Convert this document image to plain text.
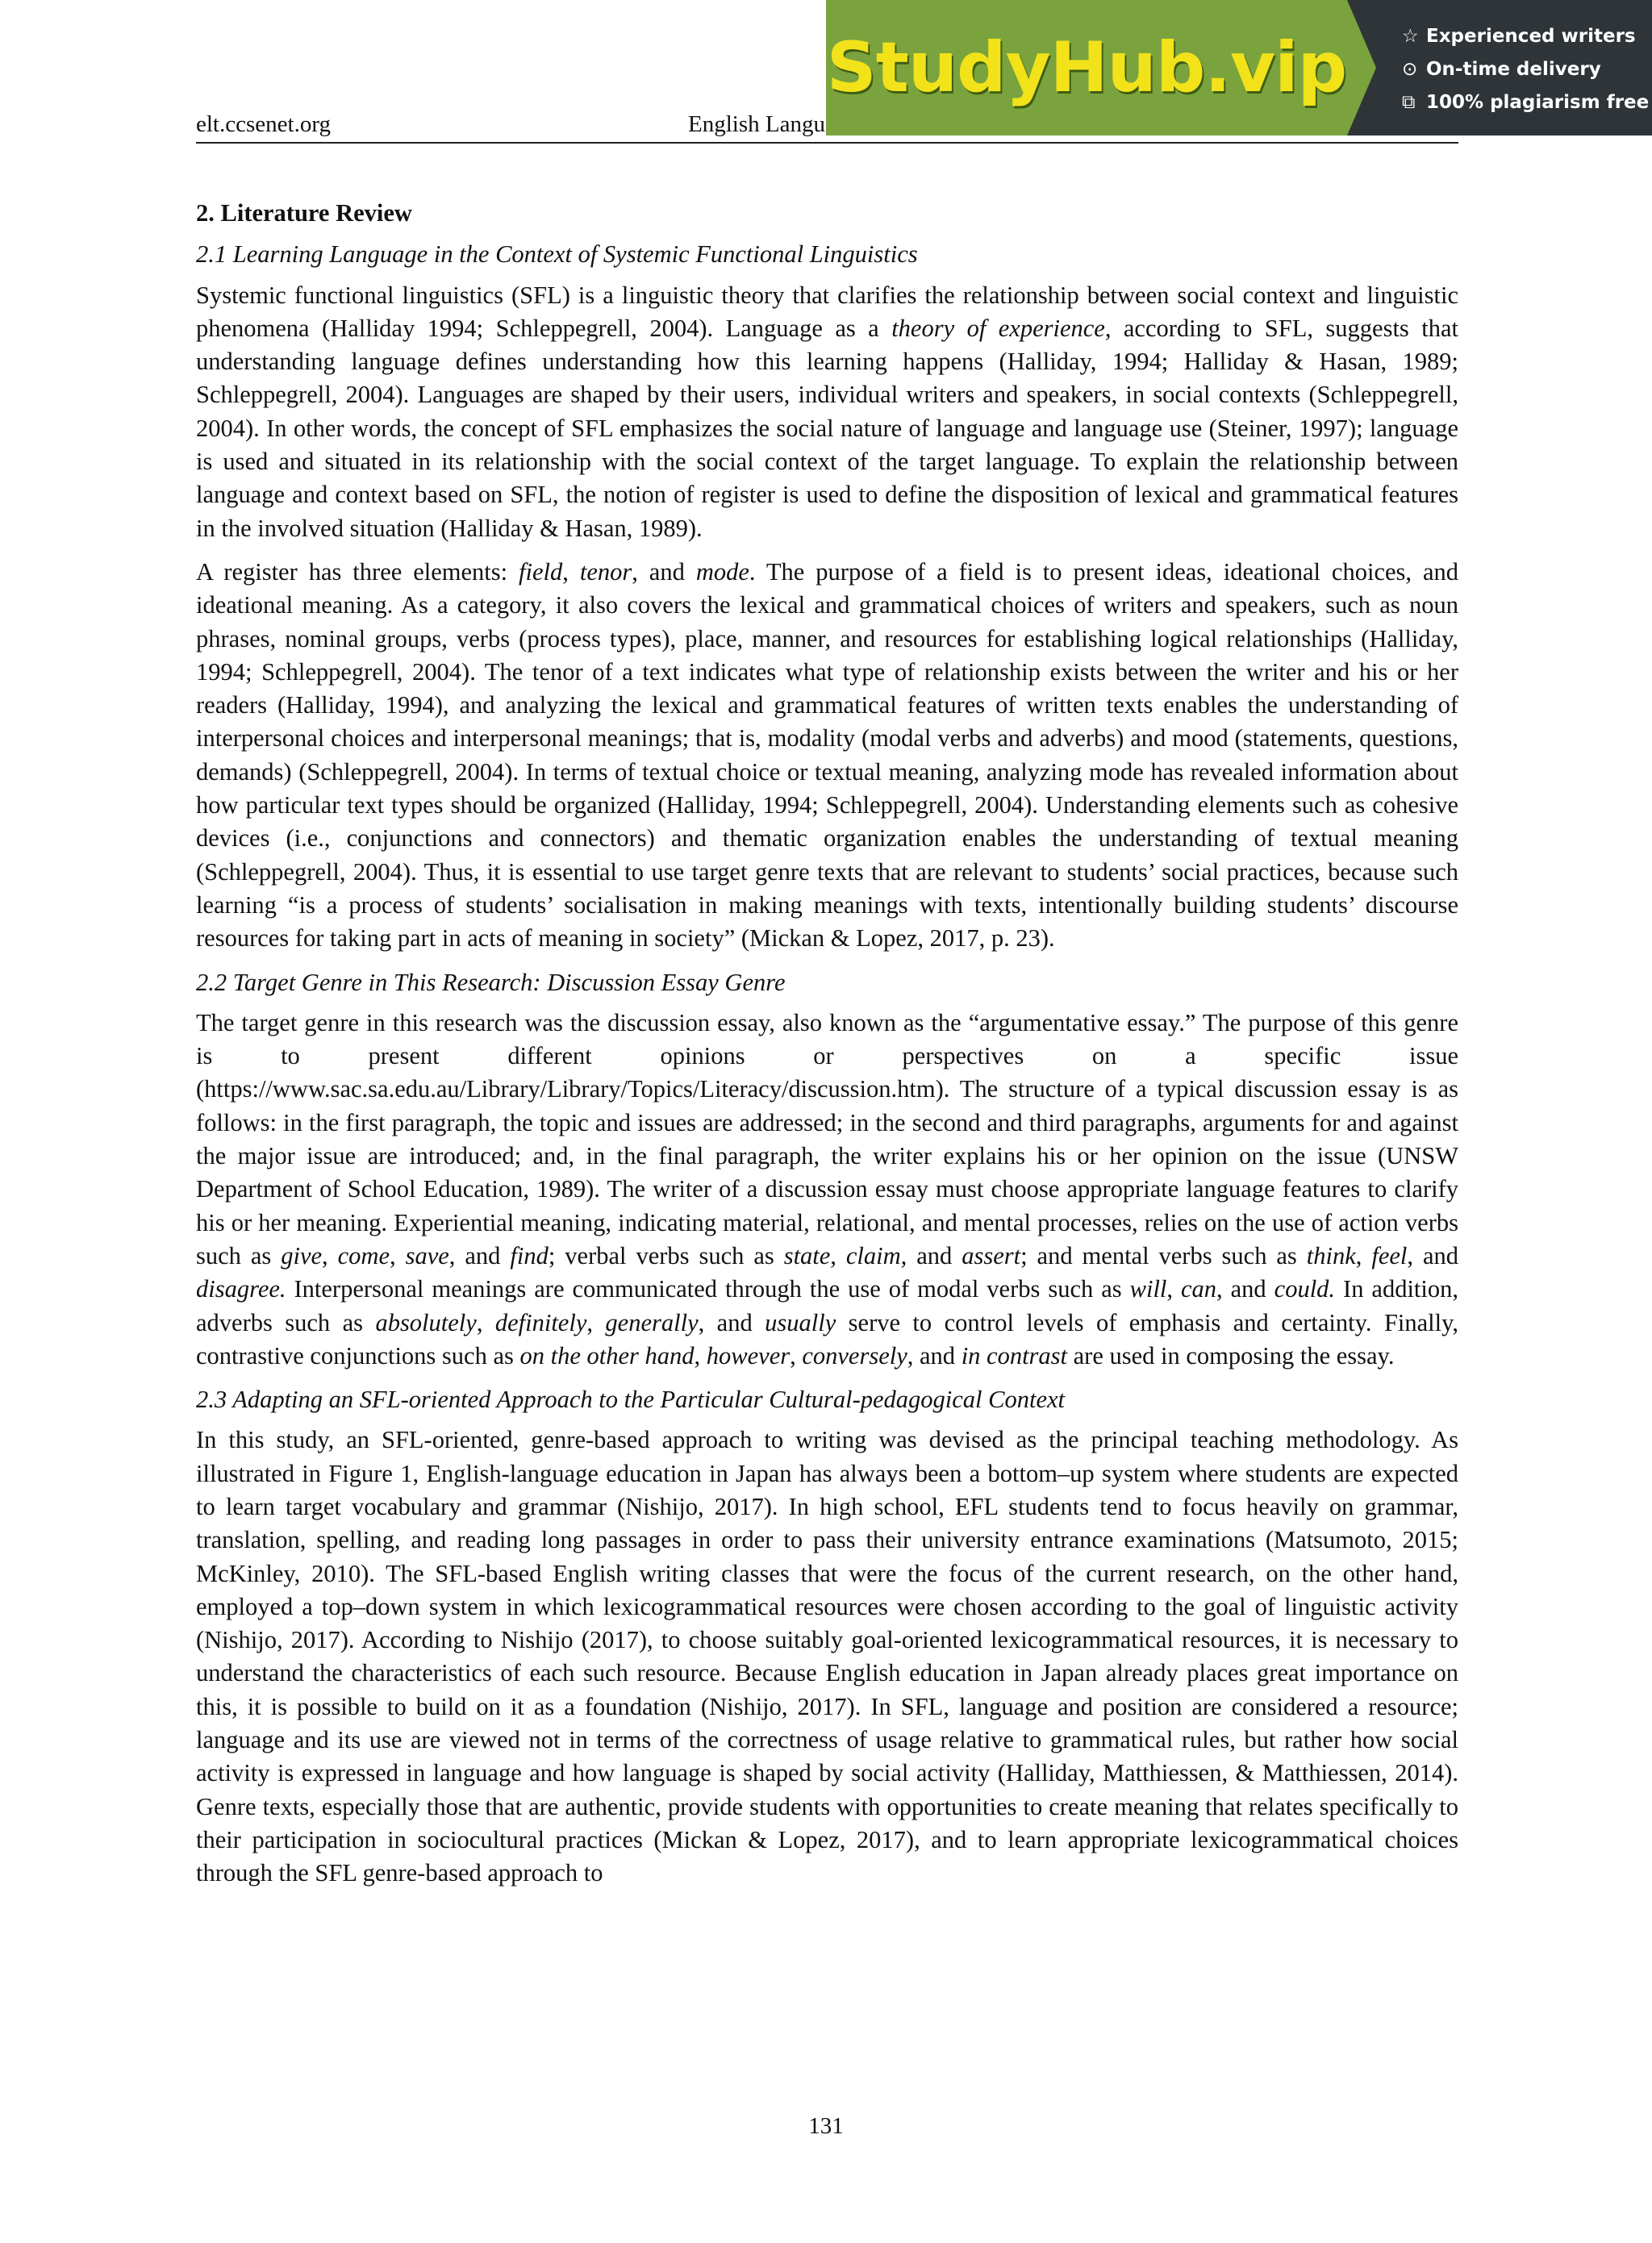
elt.ccsenet.org	English Langu
StudyHub.vip	☆ Experienced writers
⊙ On-time delivery
⧉ 100% plagiarism free
2. Literature Review
2.1 Learning Language in the Context of Systemic Functional Linguistics
Systemic functional linguistics (SFL) is a linguistic theory that clarifies the relationship between social context and linguistic phenomena (Halliday 1994; Schleppegrell, 2004). Language as a theory of experience, according to SFL, suggests that understanding language defines understanding how this learning happens (Halliday, 1994; Halliday & Hasan, 1989; Schleppegrell, 2004). Languages are shaped by their users, individual writers and speakers, in social contexts (Schleppegrell, 2004). In other words, the concept of SFL emphasizes the social nature of language and language use (Steiner, 1997); language is used and situated in its relationship with the social context of the target language. To explain the relationship between language and context based on SFL, the notion of register is used to define the disposition of lexical and grammatical features in the involved situation (Halliday & Hasan, 1989).
A register has three elements: field, tenor, and mode. The purpose of a field is to present ideas, ideational choices, and ideational meaning. As a category, it also covers the lexical and grammatical choices of writers and speakers, such as noun phrases, nominal groups, verbs (process types), place, manner, and resources for establishing logical relationships (Halliday, 1994; Schleppegrell, 2004). The tenor of a text indicates what type of relationship exists between the writer and his or her readers (Halliday, 1994), and analyzing the lexical and grammatical features of written texts enables the understanding of interpersonal choices and interpersonal meanings; that is, modality (modal verbs and adverbs) and mood (statements, questions, demands) (Schleppegrell, 2004). In terms of textual choice or textual meaning, analyzing mode has revealed information about how particular text types should be organized (Halliday, 1994; Schleppegrell, 2004). Understanding elements such as cohesive devices (i.e., conjunctions and connectors) and thematic organization enables the understanding of textual meaning (Schleppegrell, 2004). Thus, it is essential to use target genre texts that are relevant to students’ social practices, because such learning “is a process of students’ socialisation in making meanings with texts, intentionally building students’ discourse resources for taking part in acts of meaning in society” (Mickan & Lopez, 2017, p. 23).
2.2 Target Genre in This Research: Discussion Essay Genre
The target genre in this research was the discussion essay, also known as the “argumentative essay.” The purpose of this genre is to present different opinions or perspectives on a specific issue (https://www.sac.sa.edu.au/Library/Library/Topics/Literacy/discussion.htm). The structure of a typical discussion essay is as follows: in the first paragraph, the topic and issues are addressed; in the second and third paragraphs, arguments for and against the major issue are introduced; and, in the final paragraph, the writer explains his or her opinion on the issue (UNSW Department of School Education, 1989). The writer of a discussion essay must choose appropriate language features to clarify his or her meaning. Experiential meaning, indicating material, relational, and mental processes, relies on the use of action verbs such as give, come, save, and find; verbal verbs such as state, claim, and assert; and mental verbs such as think, feel, and disagree. Interpersonal meanings are communicated through the use of modal verbs such as will, can, and could. In addition, adverbs such as absolutely, definitely, generally, and usually serve to control levels of emphasis and certainty. Finally, contrastive conjunctions such as on the other hand, however, conversely, and in contrast are used in composing the essay.
2.3 Adapting an SFL-oriented Approach to the Particular Cultural-pedagogical Context
In this study, an SFL-oriented, genre-based approach to writing was devised as the principal teaching methodology. As illustrated in Figure 1, English-language education in Japan has always been a bottom–up system where students are expected to learn target vocabulary and grammar (Nishijo, 2017). In high school, EFL students tend to focus heavily on grammar, translation, spelling, and reading long passages in order to pass their university entrance examinations (Matsumoto, 2015; McKinley, 2010). The SFL-based English writing classes that were the focus of the current research, on the other hand, employed a top–down system in which lexicogrammatical resources were chosen according to the goal of linguistic activity (Nishijo, 2017). According to Nishijo (2017), to choose suitably goal-oriented lexicogrammatical resources, it is necessary to understand the characteristics of each such resource. Because English education in Japan already places great importance on this, it is possible to build on it as a foundation (Nishijo, 2017). In SFL, language and position are considered a resource; language and its use are viewed not in terms of the correctness of usage relative to grammatical rules, but rather how social activity is expressed in language and how language is shaped by social activity (Halliday, Matthiessen, & Matthiessen, 2014). Genre texts, especially those that are authentic, provide students with opportunities to create meaning that relates specifically to their participation in sociocultural practices (Mickan & Lopez, 2017), and to learn appropriate lexicogrammatical choices through the SFL genre-based approach to
131
